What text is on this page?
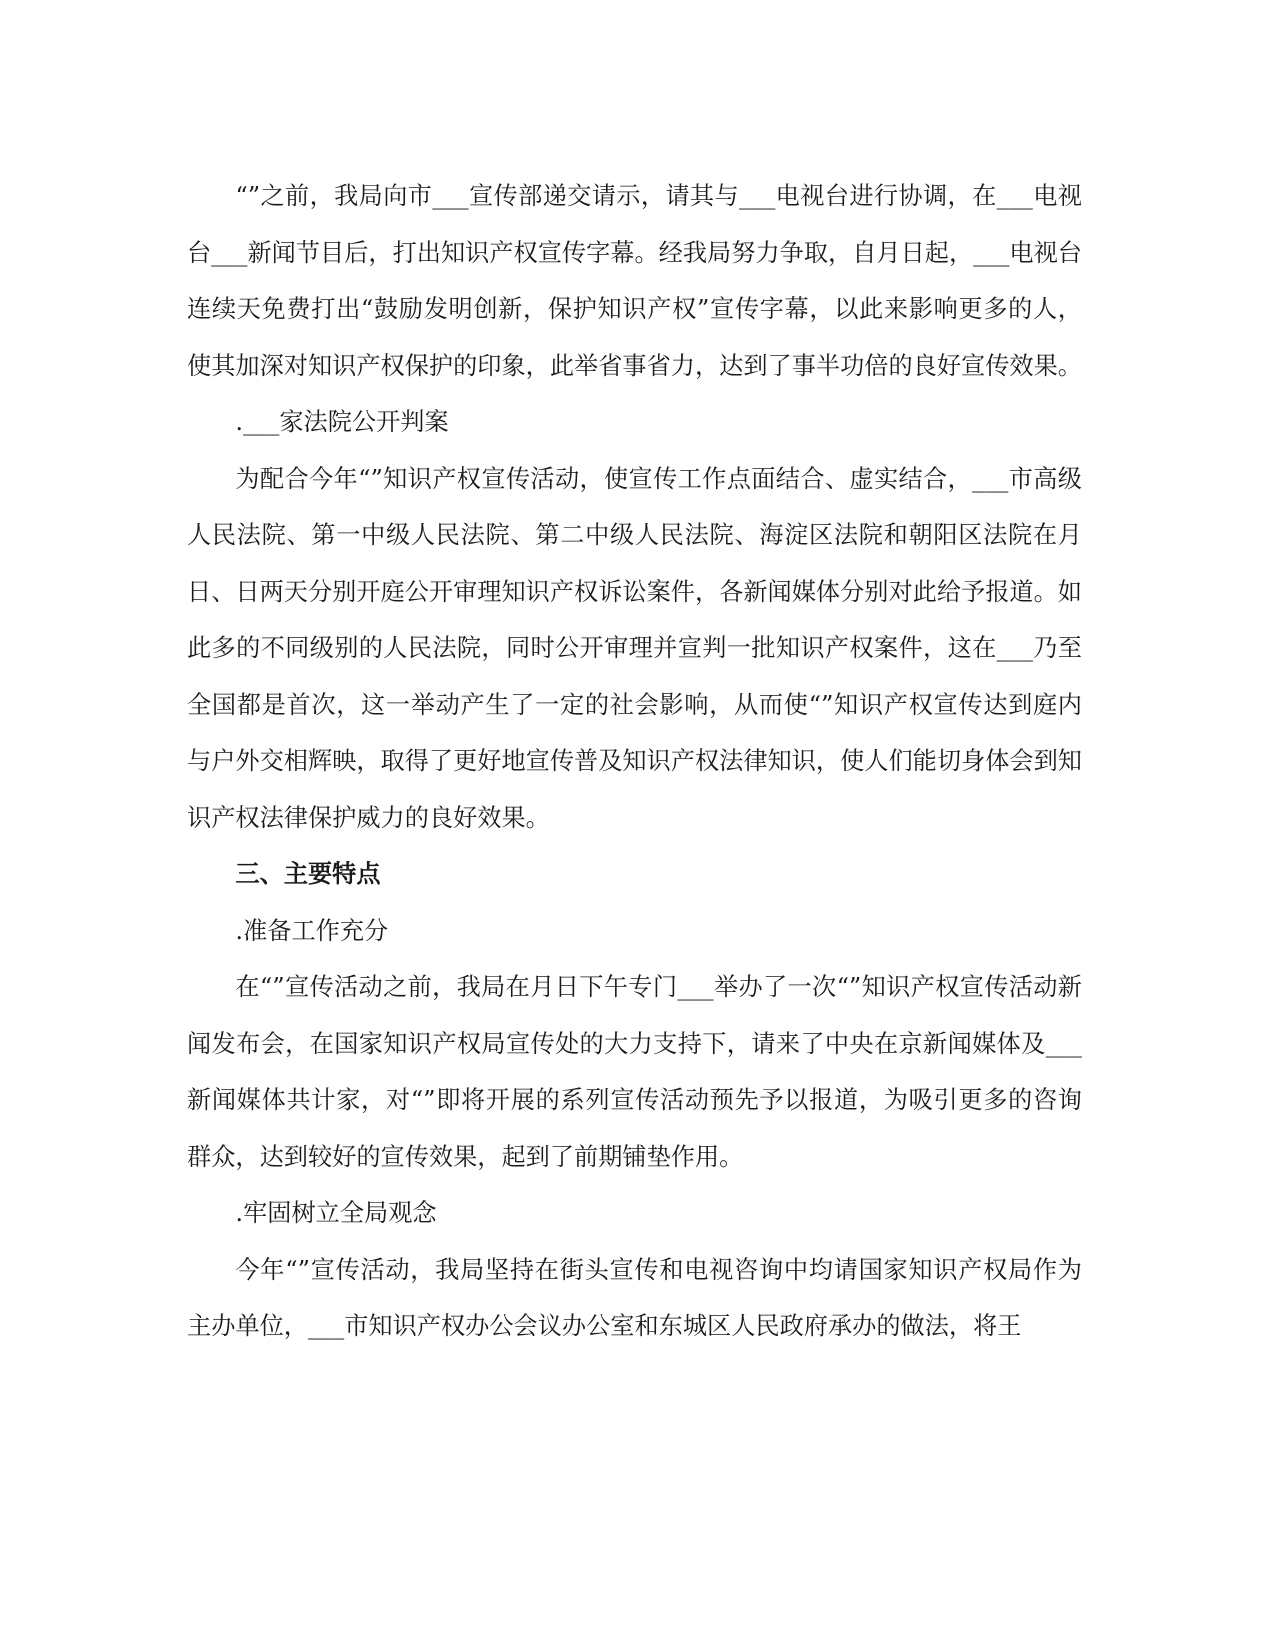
“”之前，我局向市___宣传部递交请示，请其与___电视台进行协调，在___电视台___新闻节目后，打出知识产权宣传字幕。经我局努力争取，自月日起，___电视台连续天免费打出“鼓励发明创新，保护知识产权”宣传字幕，以此来影响更多的人，使其加深对知识产权保护的印象，此举省事省力，达到了事半功倍的良好宣传效果。

.___家法院公开判案

为配合今年“”知识产权宣传活动，使宣传工作点面结合、虚实结合，___市高级人民法院、第一中级人民法院、第二中级人民法院、海淀区法院和朝阳区法院在月日、日两天分别开庭公开审理知识产权诉讼案件，各新闻媒体分别对此给予报道。如此多的不同级别的人民法院，同时公开审理并宣判一批知识产权案件，这在___乃至全国都是首次，这一举动产生了一定的社会影响，从而使“”知识产权宣传达到庭内与户外交相辉映，取得了更好地宣传普及知识产权法律知识，使人们能切身体会到知识产权法律保护威力的良好效果。

三、主要特点

.准备工作充分

在“”宣传活动之前，我局在月日下午专门___举办了一次“”知识产权宣传活动新闻发布会，在国家知识产权局宣传处的大力支持下，请来了中央在京新闻媒体及___新闻媒体共计家，对“”即将开展的系列宣传活动预先予以报道，为吸引更多的咨询群众，达到较好的宣传效果，起到了前期铺垫作用。

.牢固树立全局观念

今年“”宣传活动，我局坚持在街头宣传和电视咨询中均请国家知识产权局作为主办单位，___市知识产权办公会议办公室和东城区人民政府承办的做法，将王
